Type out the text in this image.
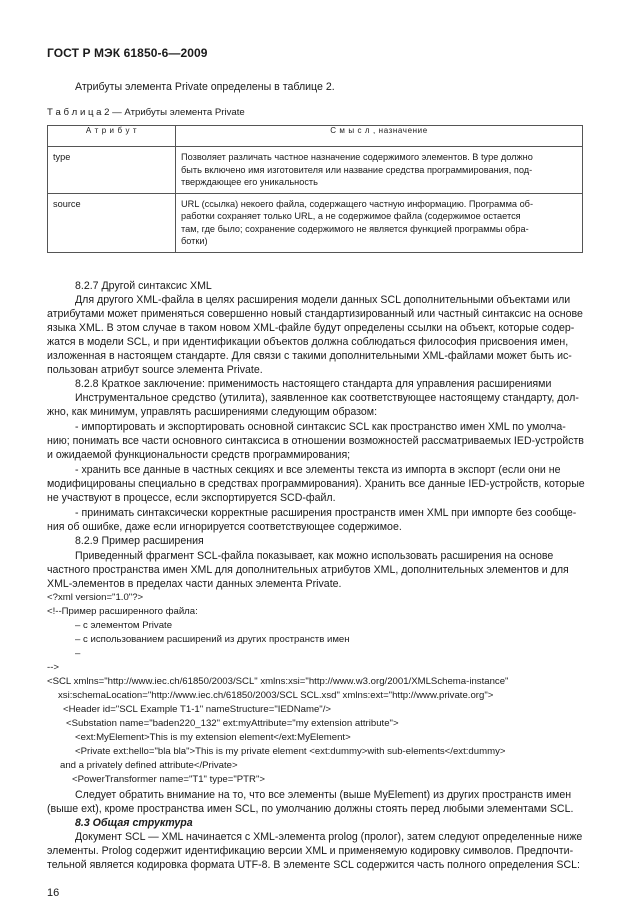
ГОСТ Р МЭК 61850-6—2009
Атрибуты элемента Private определены в таблице 2.
Т а б л и ц а 2 — Атрибуты элемента Private
А т р и б у т	С м ы с л , назначение
type	Позволяет различать частное назначение содержимого элементов. В type должно
быть включено имя изготовителя или название средства программирования, под-
тверждающее его уникальность

source	URL (ссылка) некоего файла, содержащего частную информацию. Программа об-
работки сохраняет только URL, а не содержимое файла (содержимое остается
там, где было; сохранение содержимого не является функцией программы обра-
ботки)
8.2.7 Другой синтаксис XML
Для другого XML-файла в целях расширения модели данных SCL дополнительными объектами или
атрибутами может применяться совершенно новый стандартизированный или частный синтаксис на основе
языка XML. В этом случае в таком новом XML-файле будут определены ссылки на объект, которые содер-
жатся в модели SCL, и при идентификации объектов должна соблюдаться философия присвоения имен,
изложенная в настоящем стандарте. Для связи с такими дополнительными XML-файлами может быть ис-
пользован атрибут source элемента Private.
8.2.8 Краткое заключение: применимость настоящего стандарта для управления расширениями
Инструментальное средство (утилита), заявленное как соответствующее настоящему стандарту, дол-
жно, как минимум, управлять расширениями следующим образом:
- импортировать и экспортировать основной синтаксис SCL как пространство имен XML по умолча-
нию; понимать все части основного синтаксиса в отношении возможностей рассматриваемых IED-устройств
и ожидаемой функциональности средств программирования;
- хранить все данные в частных секциях и все элементы текста из импорта в экспорт (если они не
модифицированы специально в средствах программирования). Хранить все данные IED-устройств, которые
не участвуют в процессе, если экспортируется SCD-файл.
- принимать синтаксически корректные расширения пространств имен XML при импорте без сообще-
ния об ошибке, даже если игнорируется соответствующее содержимое.
8.2.9 Пример расширения
Приведенный фрагмент SCL-файла показывает, как можно использовать расширения на основе
частного пространства имен XML для дополнительных атрибутов XML, дополнительных элементов и для
XML-элементов в пределах части данных элемента Private.
<?xml version="1.0"?>
<!--Пример расширенного файла:
– с элементом Private
– с использованием расширений из других пространств имен
–
-->
<SCL xmlns="http://www.iec.ch/61850/2003/SCL" xmlns:xsi="http://www.w3.org/2001/XMLSchema-instance"
xsi:schemaLocation="http://www.iec.ch/61850/2003/SCL SCL.xsd" xmlns:ext="http://www.private.org">
<Header id="SCL Example T1-1" nameStructure="IEDName"/>
<Substation name="baden220_132" ext:myAttribute="my extension attribute">
<ext:MyElement>This is my extension element</ext:MyElement>
<Private ext:hello="bla bla">This is my private element <ext:dummy>with sub-elements</ext:dummy>
and a privately defined attribute</Private>
<PowerTransformer name="T1" type="PTR">
Следует обратить внимание на то, что все элементы (выше MyElement) из других пространств имен
(выше ext), кроме пространства имен SCL, по умолчанию должны стоять перед любыми элементами SCL.
8.3 Общая структура
Документ SCL — XML начинается с XML-элемента prolog (пролог), затем следуют определенные ниже
элементы. Prolog содержит идентификацию версии XML и применяемую кодировку символов. Предпочти-
тельной является кодировка формата UTF-8. В элементе SCL содержится часть полного определения SCL:
16
